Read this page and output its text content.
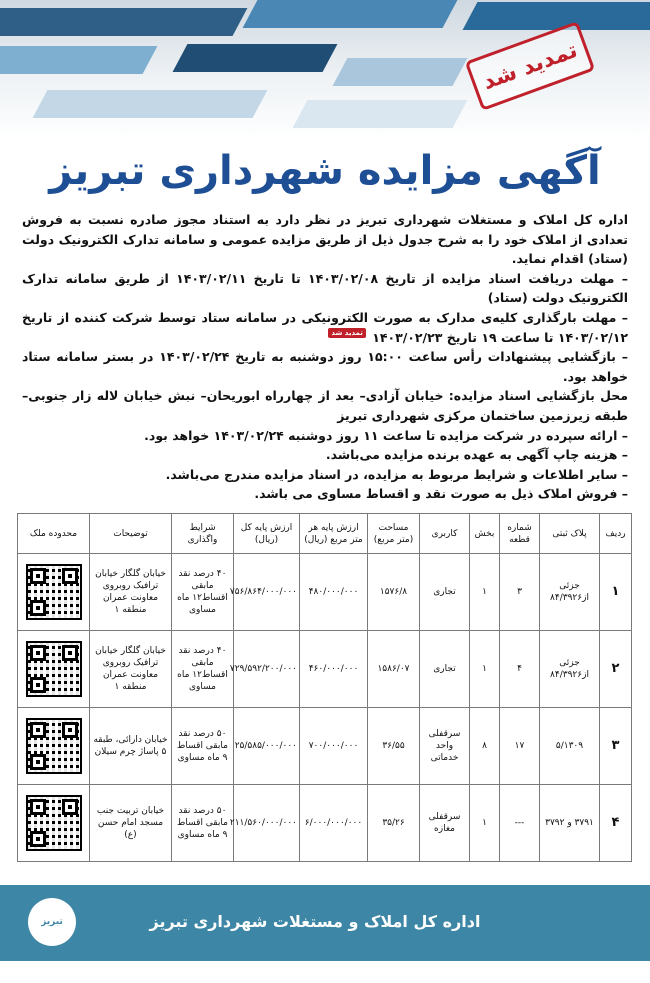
تمدید شد
آگهی مزایده شهرداری تبریز

اداره کل املاک و مستغلات شهرداری تبریز در نظر دارد به استناد مجوز صادره نسبت به فروش تعدادی از املاک خود را به شرح جدول ذیل از طریق مزایده عمومی و سامانه تدارک الکترونیک دولت (ستاد) اقدام نماید.

– مهلت دریافت اسناد مزایده از تاریخ ۱۴۰۳/۰۲/۰۸ تا تاریخ ۱۴۰۳/۰۲/۱۱ از طریق سامانه تدارک الکترونیک دولت (ستاد)

– مهلت بارگذاری کلیه‌ی مدارک به صورت الکترونیکی در سامانه ستاد توسط شرکت کننده از تاریخ ۱۴۰۳/۰۲/۱۲ تا ساعت ۱۹ تاریخ ۱۴۰۳/۰۲/۲۳ تمدید شد

– بازگشایی پیشنهادات رأس ساعت ۱۵:۰۰ روز دوشنبه به تاریخ ۱۴۰۳/۰۲/۲۴ در بستر سامانه ستاد خواهد بود.

محل بازگشایی اسناد مزایده: خیابان آزادی– بعد از چهارراه ابوریحان– نبش خیابان لاله زار جنوبی– طبقه زیرزمین ساختمان مرکزی شهرداری تبریز

– ارائه سپرده در شرکت مزایده تا ساعت ۱۱ روز دوشنبه ۱۴۰۳/۰۲/۲۴ خواهد بود.

– هزینه چاپ آگهی به عهده برنده مزایده می‌باشد.

– سایر اطلاعات و شرایط مربوط به مزایده، در اسناد مزایده مندرج می‌باشد.

– فروش املاک ذیل به صورت نقد و اقساط مساوی می باشد.

ردیف	پلاک ثبتی	شماره قطعه	بخش	کاربری	مساحت (متر مربع)	ارزش پایه هر متر مربع (ریال)	ارزش پایه کل (ریال)	شرایط واگذاری	توضیحات	محدوده ملک
۱	جزئی از۸۴/۳۹۲۶	۳	۱	تجاری	۱۵۷۶/۸	۴۸۰/۰۰۰/۰۰۰	۷۵۶/۸۶۴/۰۰۰/۰۰۰	۴۰ درصد نقد مابقی اقساط۱۲ ماه مساوی	خیابان گلگار خیابان ترافیک روبروی معاونت عمران منطقه ۱	

۲	جزئی از۸۴/۳۹۲۶	۴	۱	تجاری	۱۵۸۶/۰۷	۴۶۰/۰۰۰/۰۰۰	۷۲۹/۵۹۲/۲۰۰/۰۰۰	۴۰ درصد نقد مابقی اقساط۱۲ ماه مساوی	خیابان گلگار خیابان ترافیک روبروی معاونت عمران منطقه ۱	

۳	۵/۱۳۰۹	۱۷	۸	سرقفلی واحد خدماتی	۳۶/۵۵	۷۰۰/۰۰۰/۰۰۰	۲۵/۵۸۵/۰۰۰/۰۰۰	۵۰ درصد نقد مابقی اقساط ۹ ماه مساوی	خیابان دارائی، طبقه ۵ پاساژ چرم سیلان	

۴	۳۷۹۱ و ۳۷۹۲	---	۱	سرقفلی مغازه	۳۵/۲۶	۶/۰۰۰/۰۰۰/۰۰۰	۲۱۱/۵۶۰/۰۰۰/۰۰۰	۵۰ درصد نقد مابقی اقساط ۹ ماه مساوی	خیابان تربیت جنب مسجد امام حسن (ع)	
تبریز	اداره کل املاک و مستغلات شهرداری تبریز
